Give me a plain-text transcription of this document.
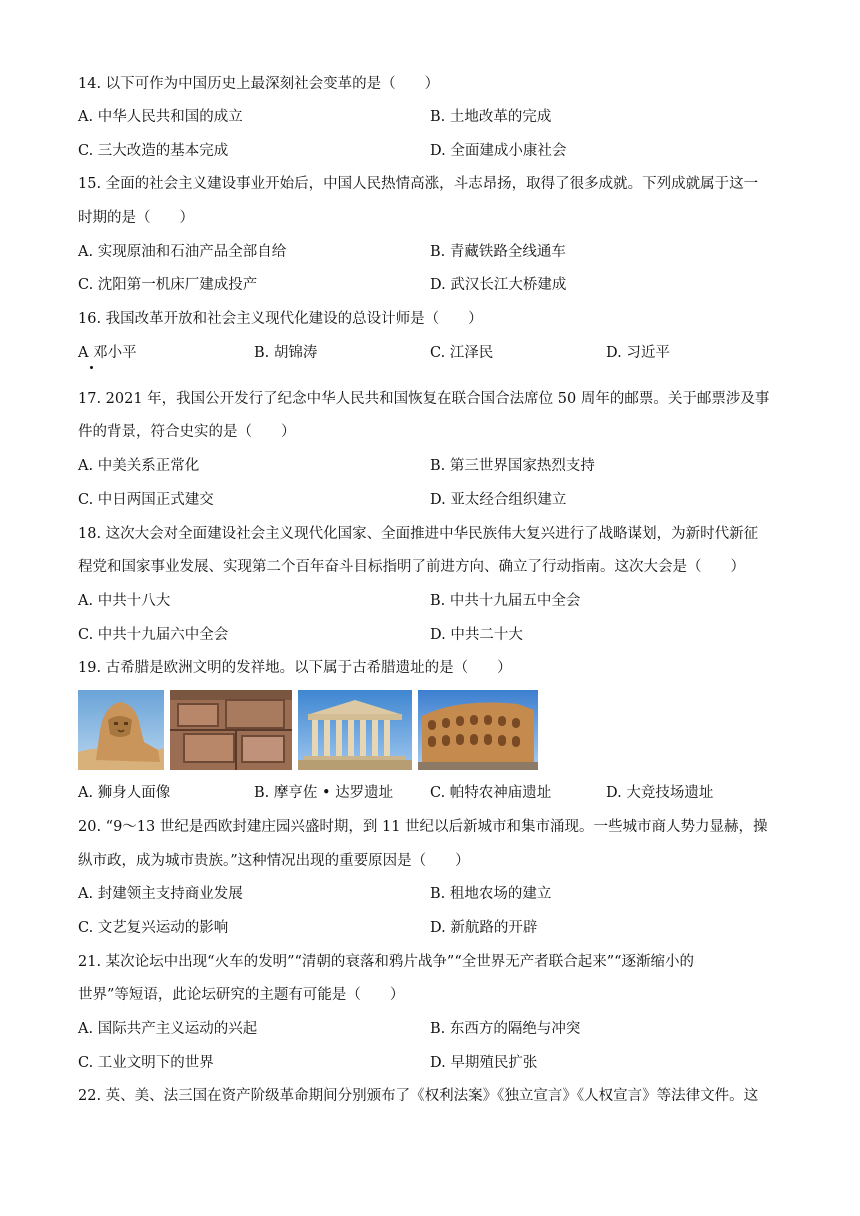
14. 以下可作为中国历史上最深刻社会变革的是（　　）
A. 中华人民共和国的成立	B. 土地改革的完成
C. 三大改造的基本完成	D. 全面建成小康社会
15. 全面的社会主义建设事业开始后，中国人民热情高涨，斗志昂扬，取得了很多成就。下列成就属于这一
时期的是（　　）
A. 实现原油和石油产品全部自给	B. 青藏铁路全线通车
C. 沈阳第一机床厂建成投产	D. 武汉长江大桥建成
16. 我国改革开放和社会主义现代化建设的总设计师是（　　）
A 邓小平	B. 胡锦涛	C. 江泽民	D. 习近平
17. 2021 年，我国公开发行了纪念中华人民共和国恢复在联合国合法席位 50 周年的邮票。关于邮票涉及事
件的背景，符合史实的是（　　）
A. 中美关系正常化	B. 第三世界国家热烈支持
C. 中日两国正式建交	D. 亚太经合组织建立
18. 这次大会对全面建设社会主义现代化国家、全面推进中华民族伟大复兴进行了战略谋划，为新时代新征
程党和国家事业发展、实现第二个百年奋斗目标指明了前进方向、确立了行动指南。这次大会是（　　）
A. 中共十八大	B. 中共十九届五中全会
C. 中共十九届六中全会	D. 中共二十大
19. 古希腊是欧洲文明的发祥地。以下属于古希腊遗址的是（　　）
A. 狮身人面像	B. 摩亨佐 • 达罗遗址	C. 帕特农神庙遗址	D. 大竞技场遗址
20. “9～13 世纪是西欧封建庄园兴盛时期，到 11 世纪以后新城市和集市涌现。一些城市商人势力显赫，操
纵市政，成为城市贵族。”这种情况出现的重要原因是（　　）
A. 封建领主支持商业发展	B. 租地农场的建立
C. 文艺复兴运动的影响	D. 新航路的开辟
21. 某次论坛中出现“火车的发明”“清朝的衰落和鸦片战争”“全世界无产者联合起来”“逐渐缩小的
世界”等短语，此论坛研究的主题有可能是（　　）
A. 国际共产主义运动的兴起	B. 东西方的隔绝与冲突
C. 工业文明下的世界	D. 早期殖民扩张
22. 英、美、法三国在资产阶级革命期间分别颁布了《权利法案》《独立宣言》《人权宣言》等法律文件。这
